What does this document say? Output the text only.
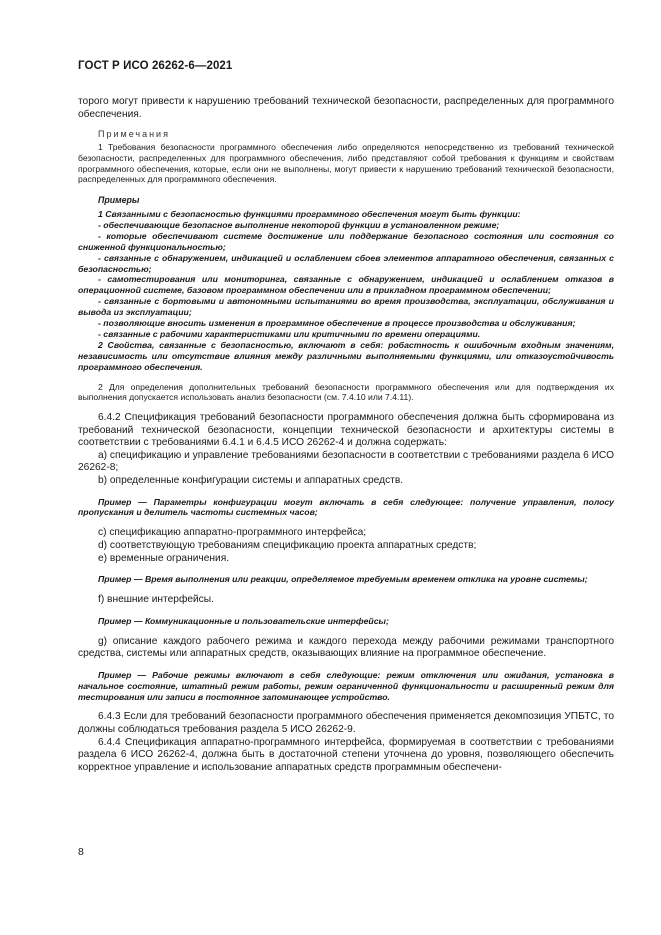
ГОСТ Р ИСО 26262-6—2021

торого могут привести к нарушению требований технической безопасности, распределенных для программного обеспечения.

Примечания

1 Требования безопасности программного обеспечения либо определяются непосредственно из требований технической безопасности, распределенных для программного обеспечения, либо представляют собой требования к функциям и свойствам программного обеспечения, которые, если они не выполнены, могут привести к нарушению требований технической безопасности, распределенных для программного обеспечения.

Примеры

1 Связанными с безопасностью функциями программного обеспечения могут быть функции:

- обеспечивающие безопасное выполнение некоторой функции в установленном режиме;

- которые обеспечивают системе достижение или поддержание безопасного состояния или состояния со сниженной функциональностью;

- связанные с обнаружением, индикацией и ослаблением сбоев элементов аппаратного обеспечения, связанных с безопасностью;

- самотестирования или мониторинга, связанные с обнаружением, индикацией и ослаблением отказов в операционной системе, базовом программном обеспечении или в прикладном программном обеспечении;

- связанные с бортовыми и автономными испытаниями во время производства, эксплуатации, обслуживания и вывода из эксплуатации;

- позволяющие вносить изменения в программное обеспечение в процессе производства и обслуживания;

- связанные с рабочими характеристиками или критичными по времени операциями.

2 Свойства, связанные с безопасностью, включают в себя: робастность к ошибочным входным значениям, независимость или отсутствие влияния между различными выполняемыми функциями, или отказоустойчивость программного обеспечения.

2 Для определения дополнительных требований безопасности программного обеспечения или для подтверждения их выполнения допускается использовать анализ безопасности (см. 7.4.10 или 7.4.11).

6.4.2 Спецификация требований безопасности программного обеспечения должна быть сформирована из требований технической безопасности, концепции технической безопасности и архитектуры системы в соответствии с требованиями 6.4.1 и 6.4.5 ИСО 26262-4 и должна содержать:

a) спецификацию и управление требованиями безопасности в соответствии с требованиями раздела 6 ИСО 26262-8;

b) определенные конфигурации системы и аппаратных средств.

Пример — Параметры конфигурации могут включать в себя следующее: получение управления, полосу пропускания и делитель частоты системных часов;

c) спецификацию аппаратно-программного интерфейса;

d) соответствующую требованиям спецификацию проекта аппаратных средств;

e) временные ограничения.

Пример — Время выполнения или реакции, определяемое требуемым временем отклика на уровне системы;

f) внешние интерфейсы.

Пример — Коммуникационные и пользовательские интерфейсы;

g) описание каждого рабочего режима и каждого перехода между рабочими режимами транспортного средства, системы или аппаратных средств, оказывающих влияние на программное обеспечение.

Пример — Рабочие режимы включают в себя следующие: режим отключения или ожидания, установка в начальное состояние, штатный режим работы, режим ограниченной функциональности и расширенный режим для тестирования или записи в постоянное запоминающее устройство.

6.4.3 Если для требований безопасности программного обеспечения применяется декомпозиция УПБТС, то должны соблюдаться требования раздела 5 ИСО 26262-9.

6.4.4 Спецификация аппаратно-программного интерфейса, формируемая в соответствии с требованиями раздела 6 ИСО 26262-4, должна быть в достаточной степени уточнена до уровня, позволяющего обеспечить корректное управление и использование аппаратных средств программным обеспечени-

8
